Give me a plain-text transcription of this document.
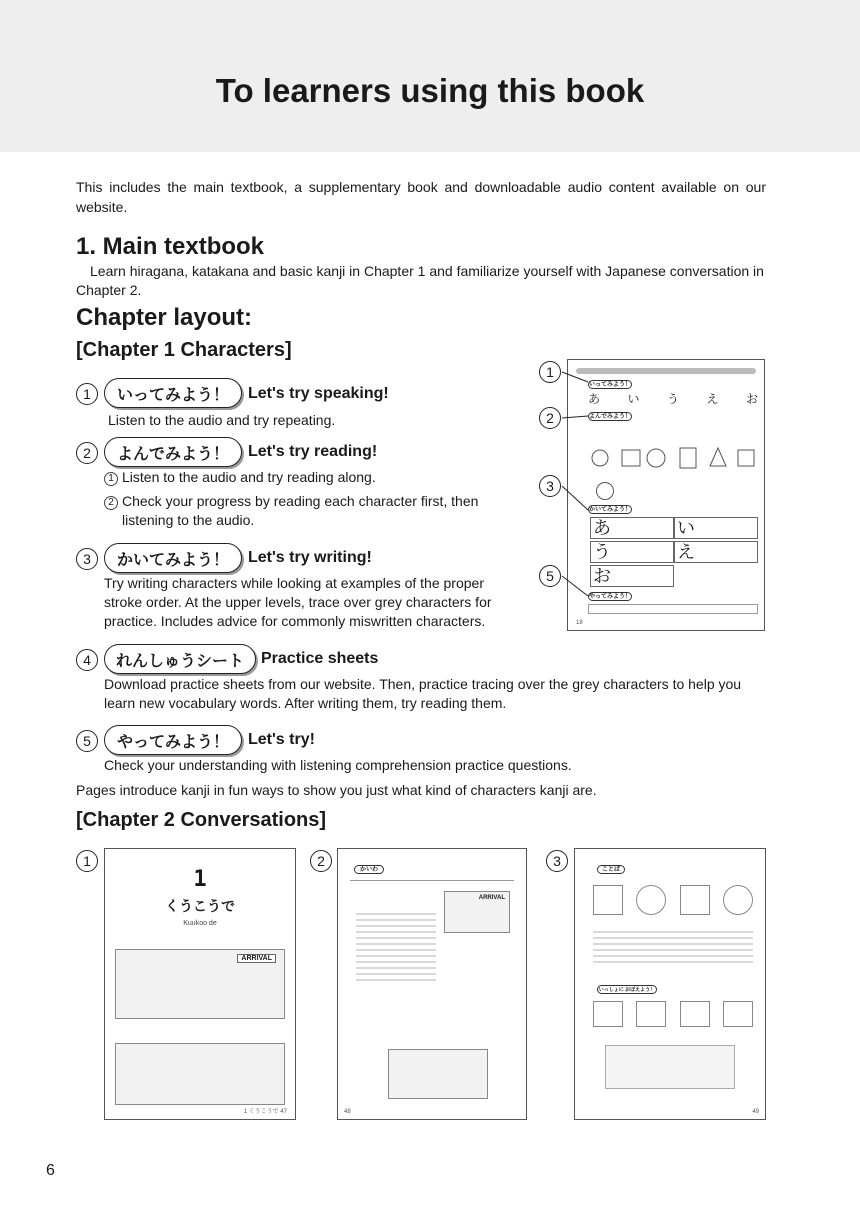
To learners using this book

This includes the main textbook, a supplementary book and downloadable audio content available on our website.

1. Main textbook

Learn hiragana, katakana and basic kanji in Chapter 1 and familiarize yourself with Japanese conversation in Chapter 2.

Chapter layout:
[Chapter 1 Characters]
1	いってみよう！	Let's try speaking!

Listen to the audio and try repeating.

2	よんでみよう！	Let's try reading!
1 Listen to the audio and try reading along.
2 Check your progress by reading each character first, then listening to the audio.
3	かいてみよう！	Let's try writing!

Try writing characters while looking at examples of the proper stroke order. At the upper levels, trace over grey characters for practice. Includes advice for commonly miswritten characters.

4	れんしゅうシート	Practice sheets

Download practice sheets from our website. Then, practice tracing over the grey characters to help you learn new vocabulary words. After writing them, try reading them.

5	やってみよう！	Let's try!

Check your understanding with listening comprehension practice questions.

Pages introduce kanji in fun ways to show you just what kind of characters kanji are.

いってみよう！
あ い う え お
よんでみよう！
かいてみよう！
あ	い
う	え
お
やってみよう！
18
1
2
3
5
[Chapter 2 Conversations]
1
1
くうこうで
Kuukoo de
ARRIVAL
1 くうこうで 47
2
かいわ
ARRIVAL
48
3
ことば
いっしょに おぼえよう！
49
6
